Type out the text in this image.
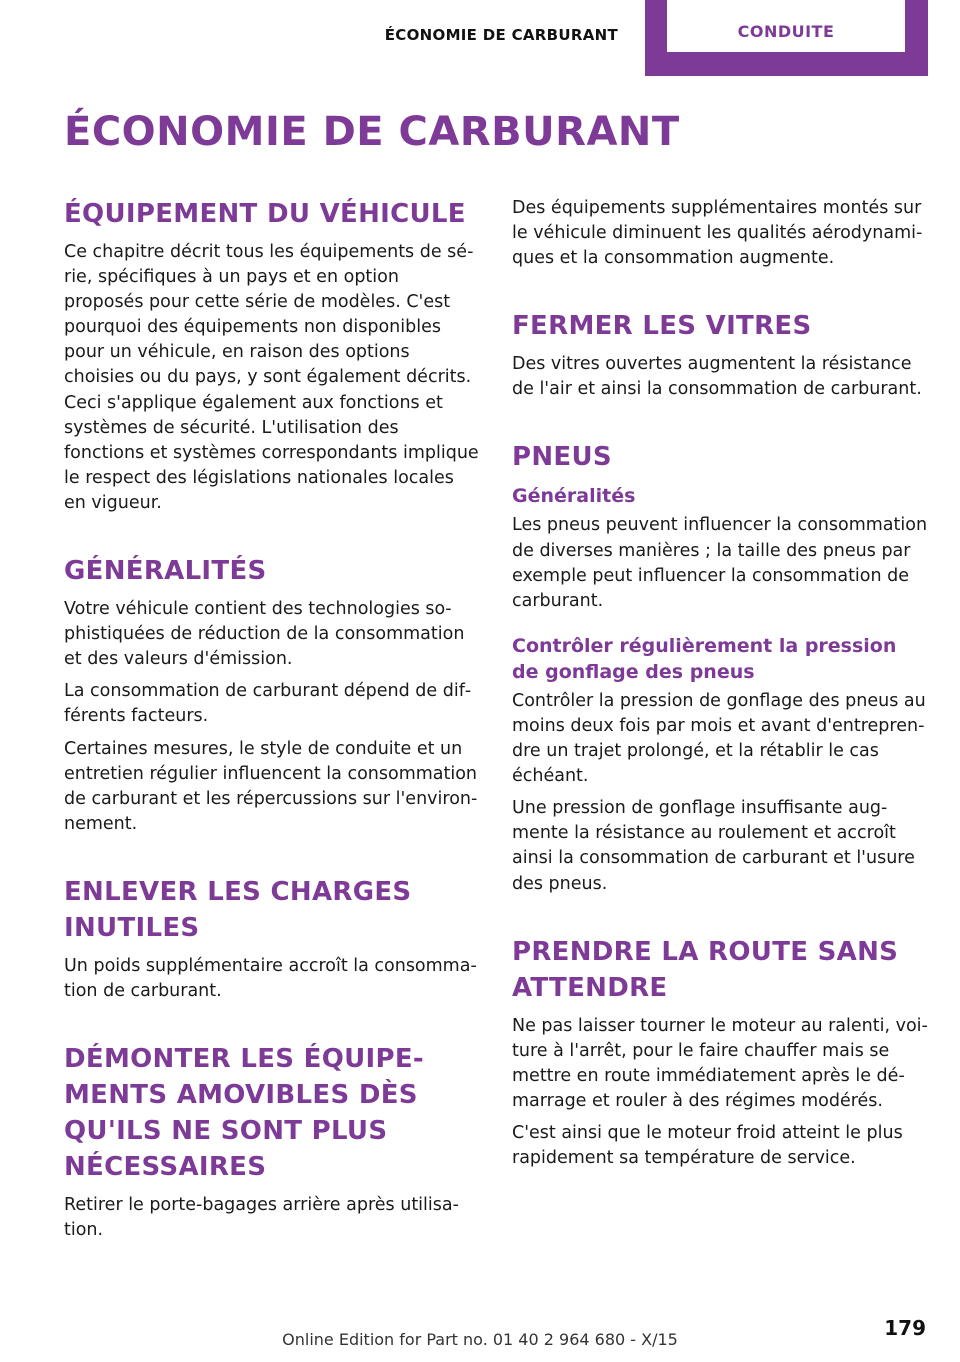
ÉCONOMIE DE CARBURANT	CONDUITE
ÉCONOMIE DE CARBURANT
ÉQUIPEMENT DU VÉHICULE

Ce chapitre décrit tous les équipements de série, spécifiques à un pays et en option proposés pour cette série de modèles. C'est pourquoi des équipements non disponibles pour un véhicule, en raison des options choisies ou du pays, y sont également décrits. Ceci s'applique également aux fonctions et systèmes de sécurité. L'utilisation des fonctions et systèmes correspondants implique le respect des législations nationales locales en vigueur.

GÉNÉRALITÉS

Votre véhicule contient des technologies sophistiquées de réduction de la consommation et des valeurs d'émission.

La consommation de carburant dépend de différents facteurs.

Certaines mesures, le style de conduite et un entretien régulier influencent la consommation de carburant et les répercussions sur l'environnement.

ENLEVER LES CHARGES INUTILES

Un poids supplémentaire accroît la consommation de carburant.

DÉMONTER LES ÉQUIPEMENTS AMOVIBLES DÈS QU'ILS NE SONT PLUS NÉCESSAIRES

Retirer le porte-bagages arrière après utilisation.

Des équipements supplémentaires montés sur le véhicule diminuent les qualités aérodynamiques et la consommation augmente.

FERMER LES VITRES

Des vitres ouvertes augmentent la résistance de l'air et ainsi la consommation de carburant.

PNEUS
Généralités

Les pneus peuvent influencer la consommation de diverses manières ; la taille des pneus par exemple peut influencer la consommation de carburant.

Contrôler régulièrement la pression de gonflage des pneus

Contrôler la pression de gonflage des pneus au moins deux fois par mois et avant d'entreprendre un trajet prolongé, et la rétablir le cas échéant.

Une pression de gonflage insuffisante augmente la résistance au roulement et accroît ainsi la consommation de carburant et l'usure des pneus.

PRENDRE LA ROUTE SANS ATTENDRE

Ne pas laisser tourner le moteur au ralenti, voiture à l'arrêt, pour le faire chauffer mais se mettre en route immédiatement après le démarrage et rouler à des régimes modérés.

C'est ainsi que le moteur froid atteint le plus rapidement sa température de service.

179
Online Edition for Part no. 01 40 2 964 680 - X/15
